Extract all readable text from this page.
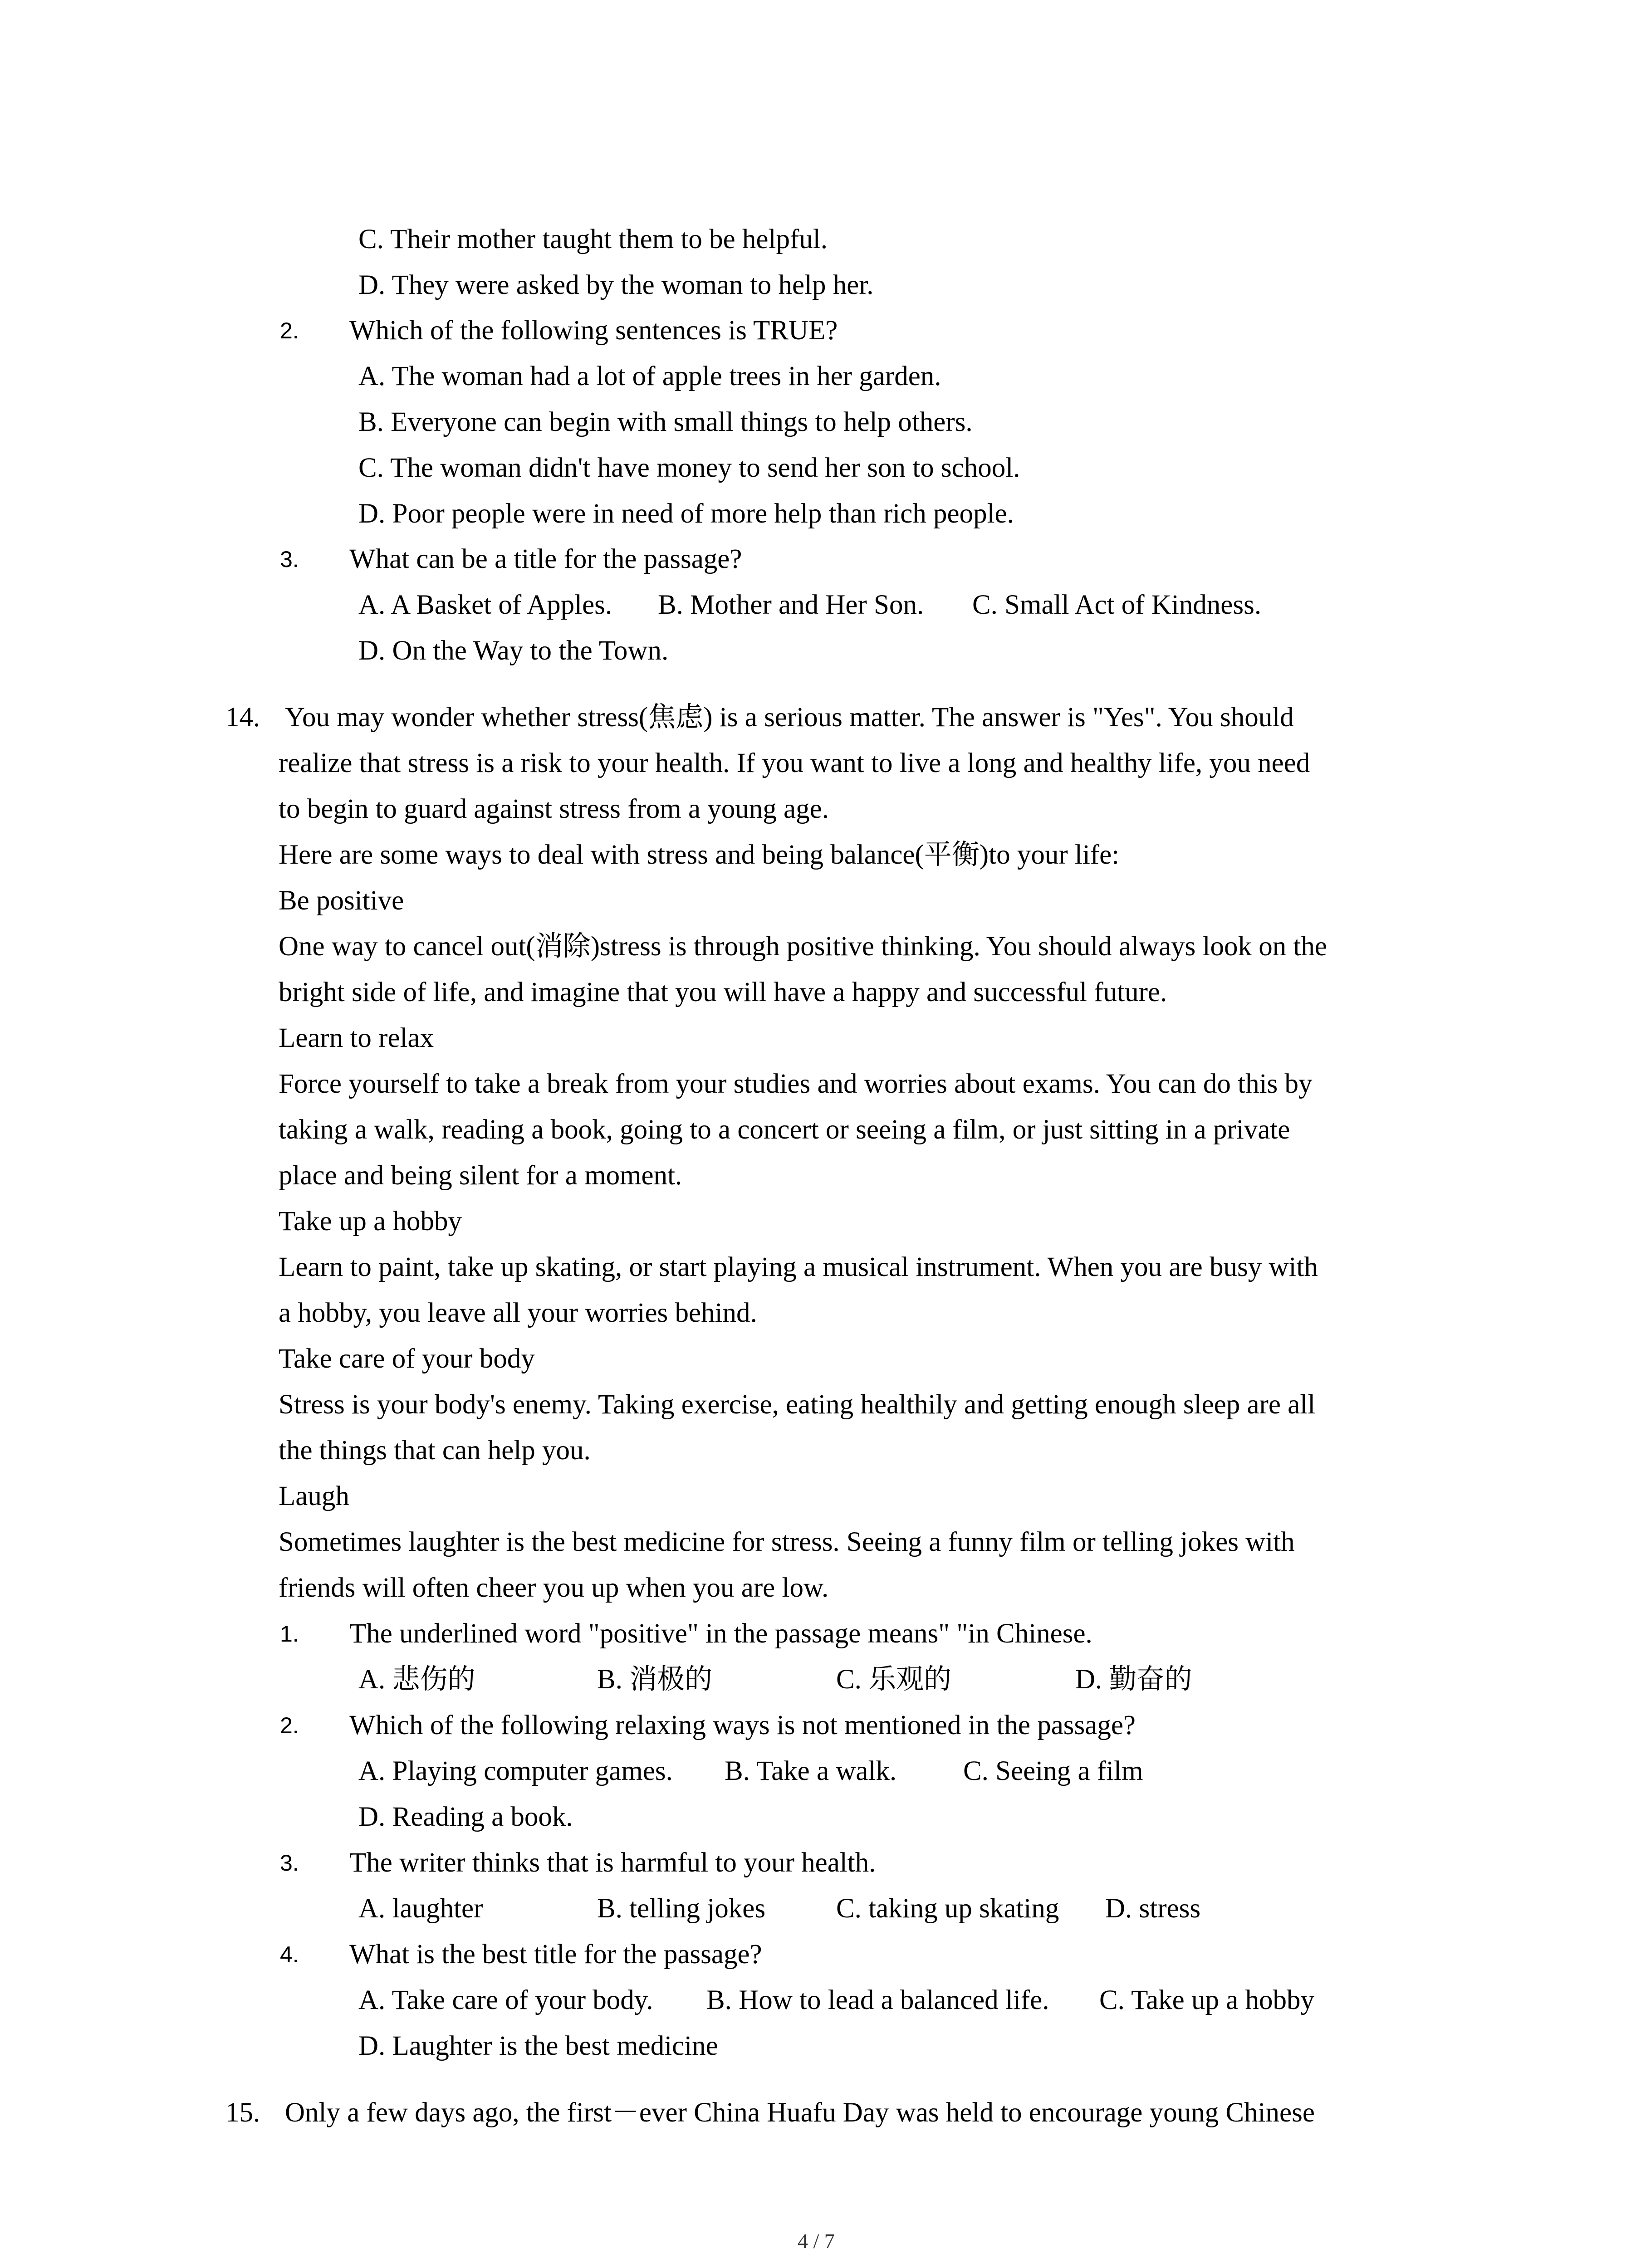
C. Their mother taught them to be helpful.
D. They were asked by the woman to help her.
2. Which of the following sentences is TRUE?
A. The woman had a lot of apple trees in her garden.
B. Everyone can begin with small things to help others.
C. The woman didn't have money to send her son to school.
D. Poor people were in need of more help than rich people.
3. What can be a title for the passage?
A. A Basket of Apples. B. Mother and Her Son. C. Small Act of Kindness.
D. On the Way to the Town.
14. You may wonder whether stress(焦虑) is a serious matter. The answer is "Yes". You should
realize that stress is a risk to your health. If you want to live a long and healthy life, you need
to begin to guard against stress from a young age.
Here are some ways to deal with stress and being balance(平衡)to your life:
Be positive
One way to cancel out(消除)stress is through positive thinking. You should always look on the
bright side of life, and imagine that you will have a happy and successful future.
Learn to relax
Force yourself to take a break from your studies and worries about exams. You can do this by
taking a walk, reading a book, going to a concert or seeing a film, or just sitting in a private
place and being silent for a moment.
Take up a hobby
Learn to paint, take up skating, or start playing a musical instrument. When you are busy with
a hobby, you leave all your worries behind.
Take care of your body
Stress is your body's enemy. Taking exercise, eating healthily and getting enough sleep are all
the things that can help you.
Laugh
Sometimes laughter is the best medicine for stress. Seeing a funny film or telling jokes with
friends will often cheer you up when you are low.
1. The underlined word "positive" in the passage means" "in Chinese.
A. 悲伤的	B. 消极的	C. 乐观的	D. 勤奋的
2. Which of the following relaxing ways is not mentioned in the passage?
A. Playing computer games. B. Take a walk. C. Seeing a film
D. Reading a book.
3. The writer thinks that is harmful to your health.
A. laughter	B. telling jokes	C. taking up skating D. stress
4. What is the best title for the passage?
A. Take care of your body. B. How to lead a balanced life. C. Take up a hobby
D. Laughter is the best medicine
15. Only a few days ago, the first－ever China Huafu Day was held to encourage young Chinese
4 / 7
